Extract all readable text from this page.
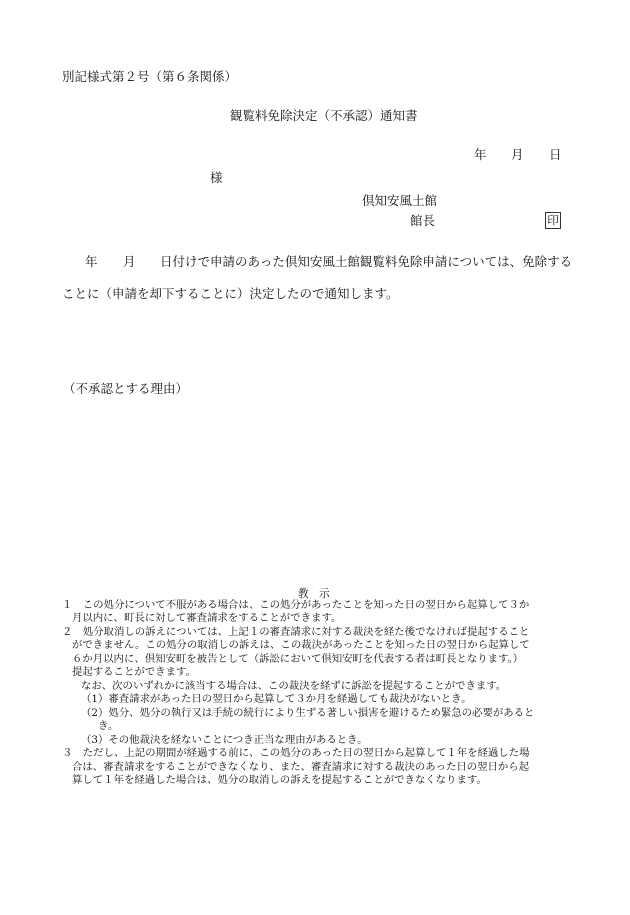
別記様式第２号（第６条関係）
観覧料免除決定（不承認）通知書
年 月 日
様
倶知安風土館
館長	印
年 月 日付けで申請のあった倶知安風土館観覧料免除申請については、免除する
ことに（申請を却下することに）決定したので通知します。
（不承認とする理由）
教　示
１　この処分について不服がある場合は、この処分があったことを知った日の翌日から起算して３か
月以内に、町長に対して審査請求をすることができます。
２　処分取消しの訴えについては、上記１の審査請求に対する裁決を経た後でなければ提起すること
ができません。この処分の取消しの訴えは、この裁決があったことを知った日の翌日から起算して
６か月以内に、倶知安町を被告として（訴訟において倶知安町を代表する者は町長となります。）
提起することができます。
なお、次のいずれかに該当する場合は、この裁決を経ずに訴訟を提起することができます。
（1）審査請求があった日の翌日から起算して３か月を経過しても裁決がないとき。
（2）処分、処分の執行又は手続の続行により生ずる著しい損害を避けるため緊急の必要があると
き。
（3）その他裁決を経ないことにつき正当な理由があるとき。
３　ただし、上記の期間が経過する前に、この処分のあった日の翌日から起算して１年を経過した場
合は、審査請求をすることができなくなり、また、審査請求に対する裁決のあった日の翌日から起
算して１年を経過した場合は、処分の取消しの訴えを提起することができなくなります。
